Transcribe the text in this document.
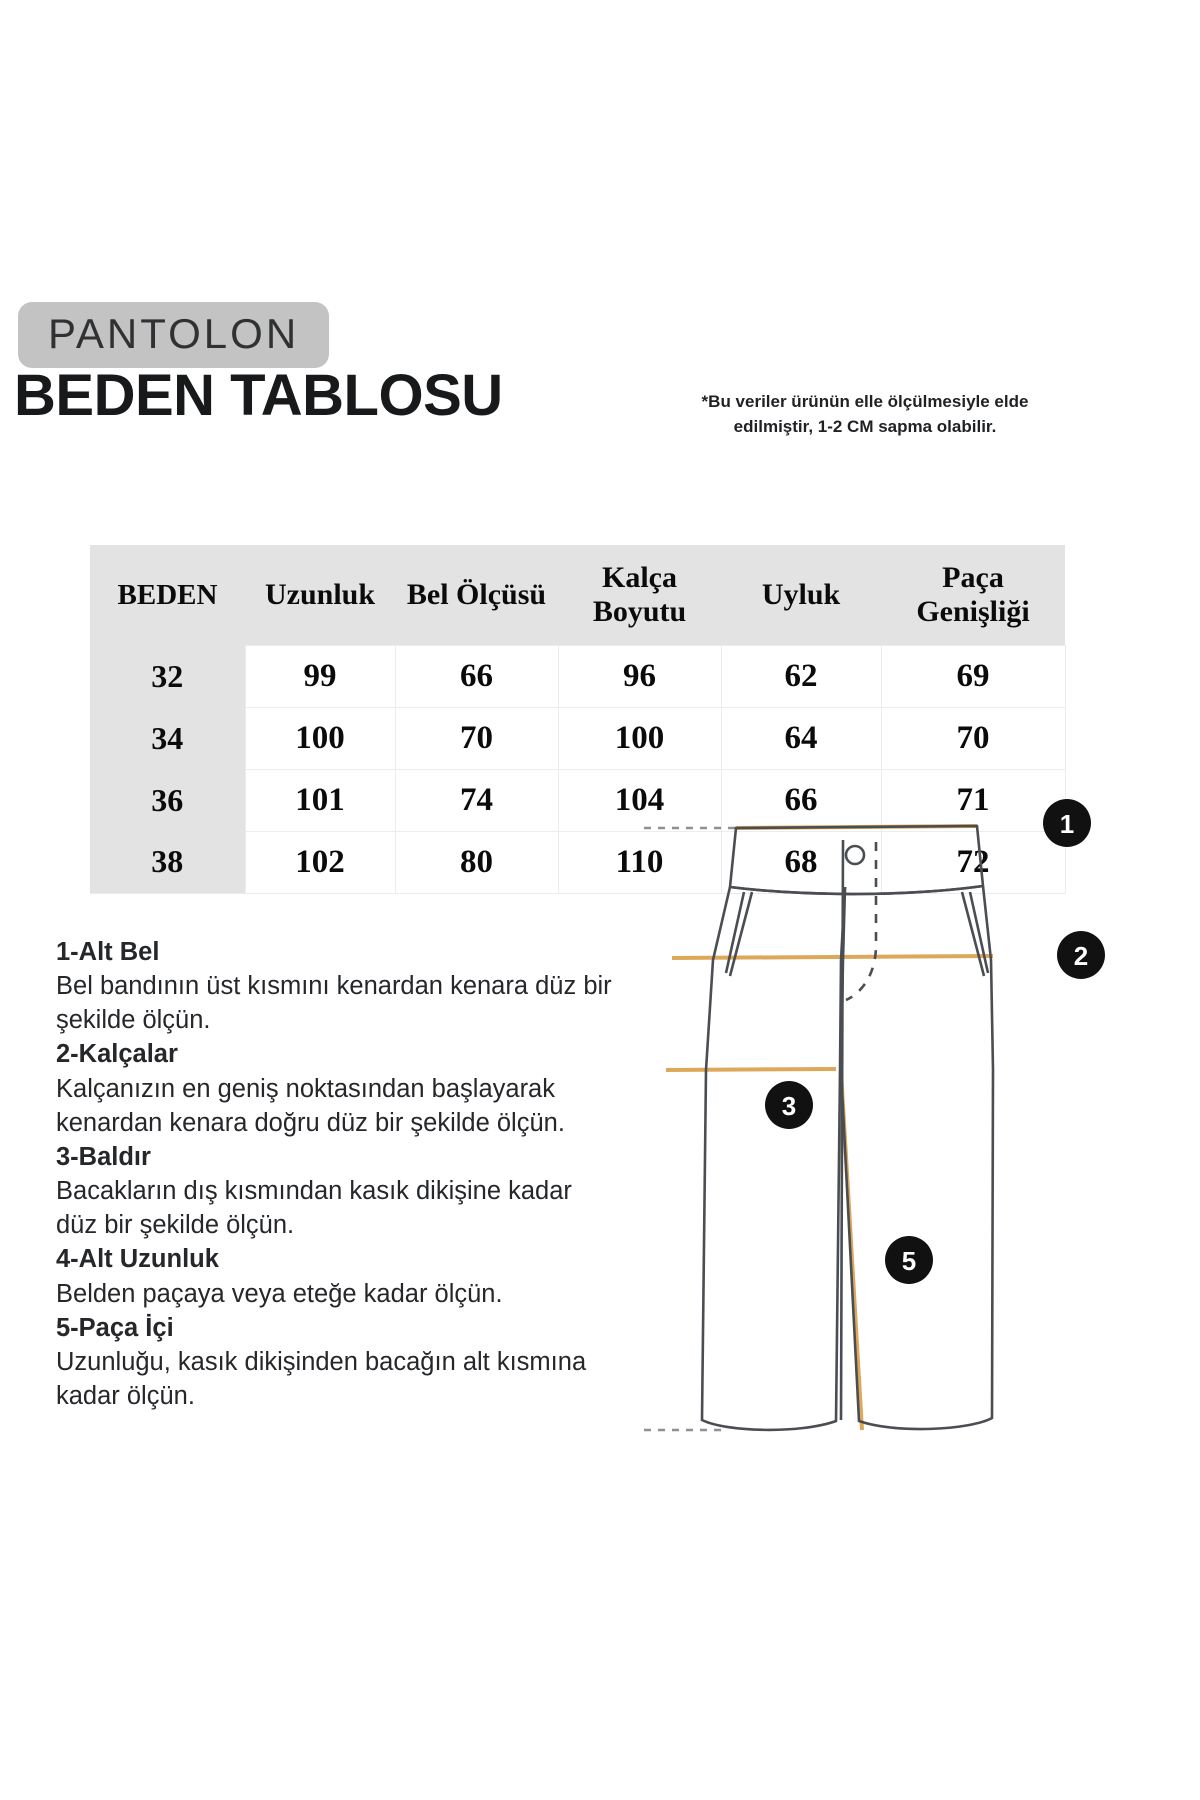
PANTOLON
BEDEN TABLOSU	*Bu veriler ürünün elle ölçülmesiyle elde edilmiştir, 1-2 CM sapma olabilir.
BEDEN	Uzunluk	Bel Ölçüsü	Kalça Boyutu	Uyluk	Paça Genişliği
32	99	66	96	62	69
34	100	70	100	64	70
36	101	74	104	66	71
38	102	80	110	68	72
1-Alt Bel
Bel bandının üst kısmını kenardan kenara düz bir şekilde ölçün.
2-Kalçalar
Kalçanızın en geniş noktasından başlayarak kenardan kenara doğru düz bir şekilde ölçün.
3-Baldır
Bacakların dış kısmından kasık dikişine kadar düz bir şekilde ölçün.
4-Alt Uzunluk
Belden paçaya veya eteğe kadar ölçün.
5-Paça İçi
Uzunluğu, kasık dikişinden bacağın alt kısmına kadar ölçün.
1
2
3
5
